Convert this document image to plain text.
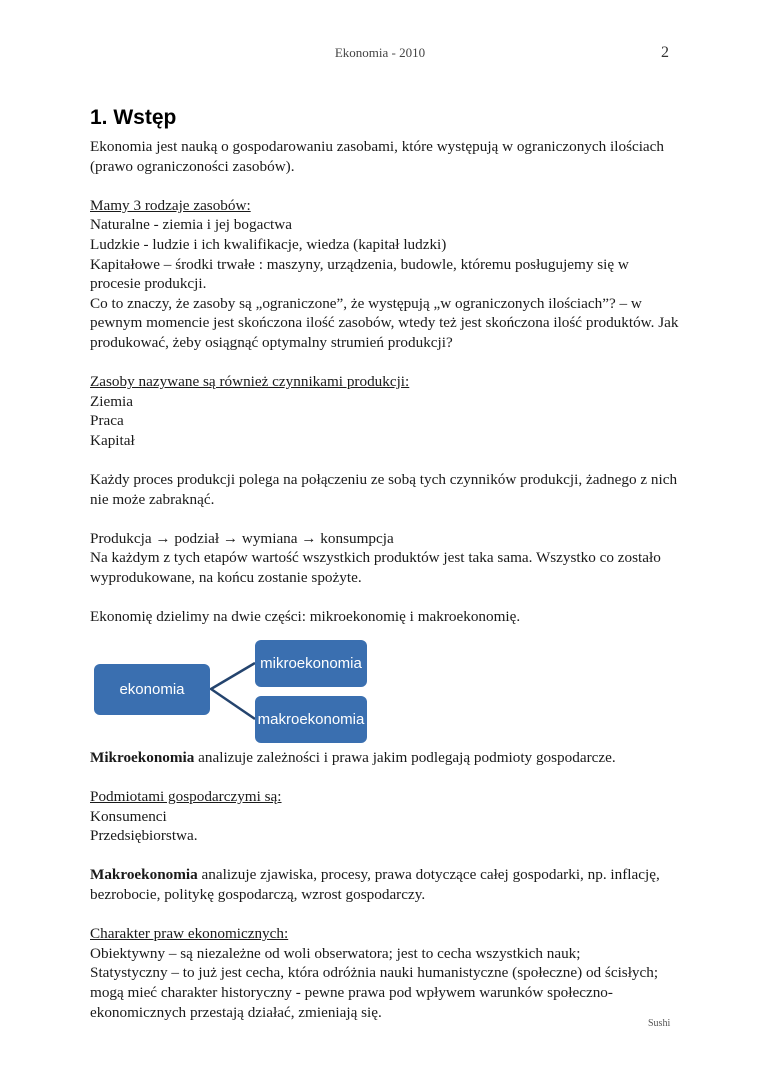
Ekonomia - 2010	2
1. Wstęp

Ekonomia jest nauką o gospodarowaniu zasobami, które występują w ograniczonych ilościach (prawo ograniczoności zasobów).

Mamy 3 rodzaje zasobów:

Naturalne - ziemia i jej bogactwa

Ludzkie - ludzie i ich kwalifikacje, wiedza (kapitał ludzki)

Kapitałowe – środki trwałe : maszyny, urządzenia, budowle, któremu posługujemy się w procesie produkcji.

Co to znaczy, że zasoby są „ograniczone”, że występują „w ograniczonych ilościach”? – w pewnym momencie jest skończona ilość zasobów, wtedy też jest skończona ilość produktów. Jak produkować, żeby osiągnąć optymalny strumień produkcji?

Zasoby nazywane są również czynnikami produkcji:

Ziemia

Praca

Kapitał

Każdy proces produkcji polega na połączeniu ze sobą tych czynników produkcji, żadnego z nich nie może zabraknąć.

Produkcja → podział → wymiana → konsumpcja

Na każdym z tych etapów wartość wszystkich produktów jest taka sama. Wszystko co zostało wyprodukowane, na końcu zostanie spożyte.

Ekonomię dzielimy na dwie części: mikroekonomię i makroekonomię.

ekonomia
mikroekonomia
makroekonomia

Mikroekonomia analizuje zależności i prawa jakim podlegają podmioty gospodarcze.

Podmiotami gospodarczymi są:

Konsumenci

Przedsiębiorstwa.

Makroekonomia analizuje zjawiska, procesy, prawa dotyczące całej gospodarki, np. inflację, bezrobocie, politykę gospodarczą, wzrost gospodarczy.

Charakter praw ekonomicznych:

Obiektywny – są niezależne od woli obserwatora; jest to cecha wszystkich nauk;

Statystyczny – to już jest cecha, która odróżnia nauki humanistyczne (społeczne) od ścisłych; mogą mieć charakter historyczny - pewne prawa pod wpływem warunków społeczno-ekonomicznych przestają działać, zmieniają się.

Sushi
